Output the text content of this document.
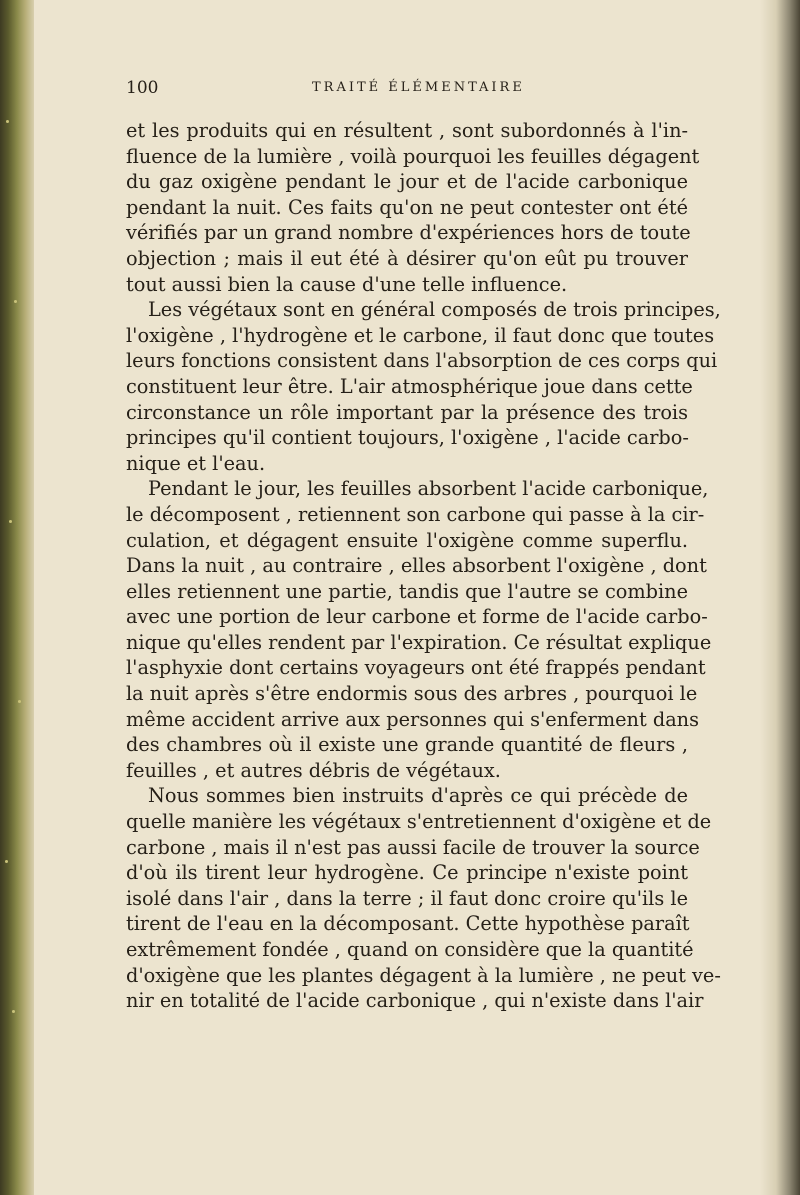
100	TRAITÉ ÉLÉMENTAIRE
et les produits qui en résultent , sont subordonnés à l'in-
fluence de la lumière , voilà pourquoi les feuilles dégagent
du gaz oxigène pendant le jour et de l'acide carbonique
pendant la nuit. Ces faits qu'on ne peut contester ont été
vérifiés par un grand nombre d'expériences hors de toute
objection ; mais il eut été à désirer qu'on eût pu trouver
tout aussi bien la cause d'une telle influence.
Les végétaux sont en général composés de trois principes,
l'oxigène , l'hydrogène et le carbone, il faut donc que toutes
leurs fonctions consistent dans l'absorption de ces corps qui
constituent leur être. L'air atmosphérique joue dans cette
circonstance un rôle important par la présence des trois
principes qu'il contient toujours, l'oxigène , l'acide carbo-
nique et l'eau.
Pendant le jour, les feuilles absorbent l'acide carbonique,
le décomposent , retiennent son carbone qui passe à la cir-
culation, et dégagent ensuite l'oxigène comme superflu.
Dans la nuit , au contraire , elles absorbent l'oxigène , dont
elles retiennent une partie, tandis que l'autre se combine
avec une portion de leur carbone et forme de l'acide carbo-
nique qu'elles rendent par l'expiration. Ce résultat explique
l'asphyxie dont certains voyageurs ont été frappés pendant
la nuit après s'être endormis sous des arbres , pourquoi le
même accident arrive aux personnes qui s'enferment dans
des chambres où il existe une grande quantité de fleurs ,
feuilles , et autres débris de végétaux.
Nous sommes bien instruits d'après ce qui précède de
quelle manière les végétaux s'entretiennent d'oxigène et de
carbone , mais il n'est pas aussi facile de trouver la source
d'où ils tirent leur hydrogène. Ce principe n'existe point
isolé dans l'air , dans la terre ; il faut donc croire qu'ils le
tirent de l'eau en la décomposant. Cette hypothèse paraît
extrêmement fondée , quand on considère que la quantité
d'oxigène que les plantes dégagent à la lumière , ne peut ve-
nir en totalité de l'acide carbonique , qui n'existe dans l'air
